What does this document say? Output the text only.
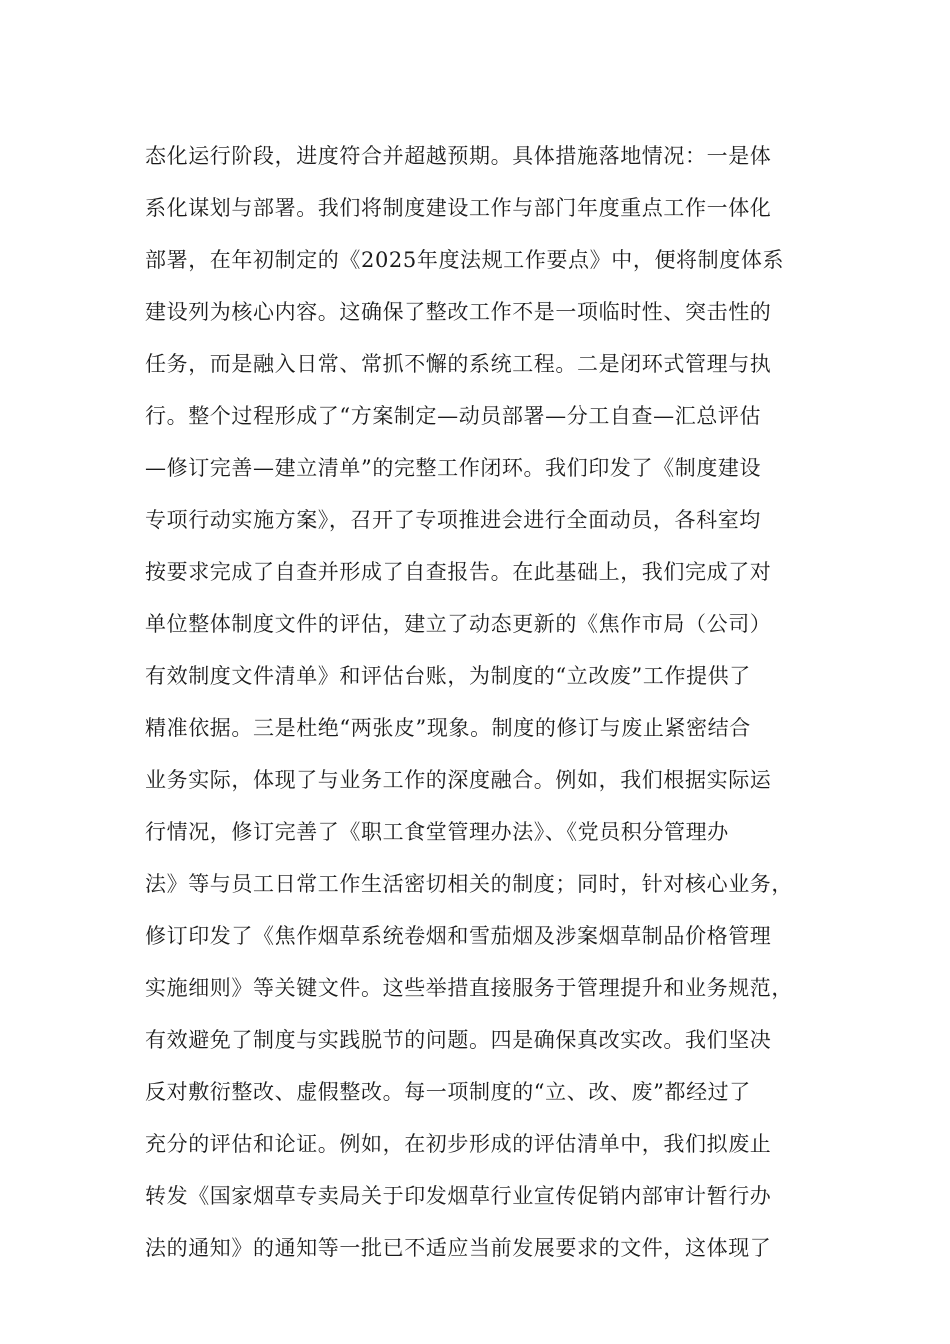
态化运行阶段，进度符合并超越预期。具体措施落地情况：一是体
系化谋划与部署。我们将制度建设工作与部门年度重点工作一体化
部署，在年初制定的《2025年度法规工作要点》中，便将制度体系
建设列为核心内容。这确保了整改工作不是一项临时性、突击性的
任务，而是融入日常、常抓不懈的系统工程。二是闭环式管理与执
行。整个过程形成了“方案制定—动员部署—分工自查—汇总评估
—修订完善—建立清单”的完整工作闭环。我们印发了《制度建设
专项行动实施方案》，召开了专项推进会进行全面动员，各科室均
按要求完成了自查并形成了自查报告。在此基础上，我们完成了对
单位整体制度文件的评估，建立了动态更新的《焦作市局（公司）
有效制度文件清单》和评估台账，为制度的“立改废”工作提供了
精准依据。三是杜绝“两张皮”现象。制度的修订与废止紧密结合
业务实际，体现了与业务工作的深度融合。例如，我们根据实际运
行情况，修订完善了《职工食堂管理办法》、《党员积分管理办
法》等与员工日常工作生活密切相关的制度；同时，针对核心业务，
修订印发了《焦作烟草系统卷烟和雪茄烟及涉案烟草制品价格管理
实施细则》等关键文件。这些举措直接服务于管理提升和业务规范，
有效避免了制度与实践脱节的问题。四是确保真改实改。我们坚决
反对敷衍整改、虚假整改。每一项制度的“立、改、废”都经过了
充分的评估和论证。例如，在初步形成的评估清单中，我们拟废止
转发《国家烟草专卖局关于印发烟草行业宣传促销内部审计暂行办
法的通知》的通知等一批已不适应当前发展要求的文件，这体现了
